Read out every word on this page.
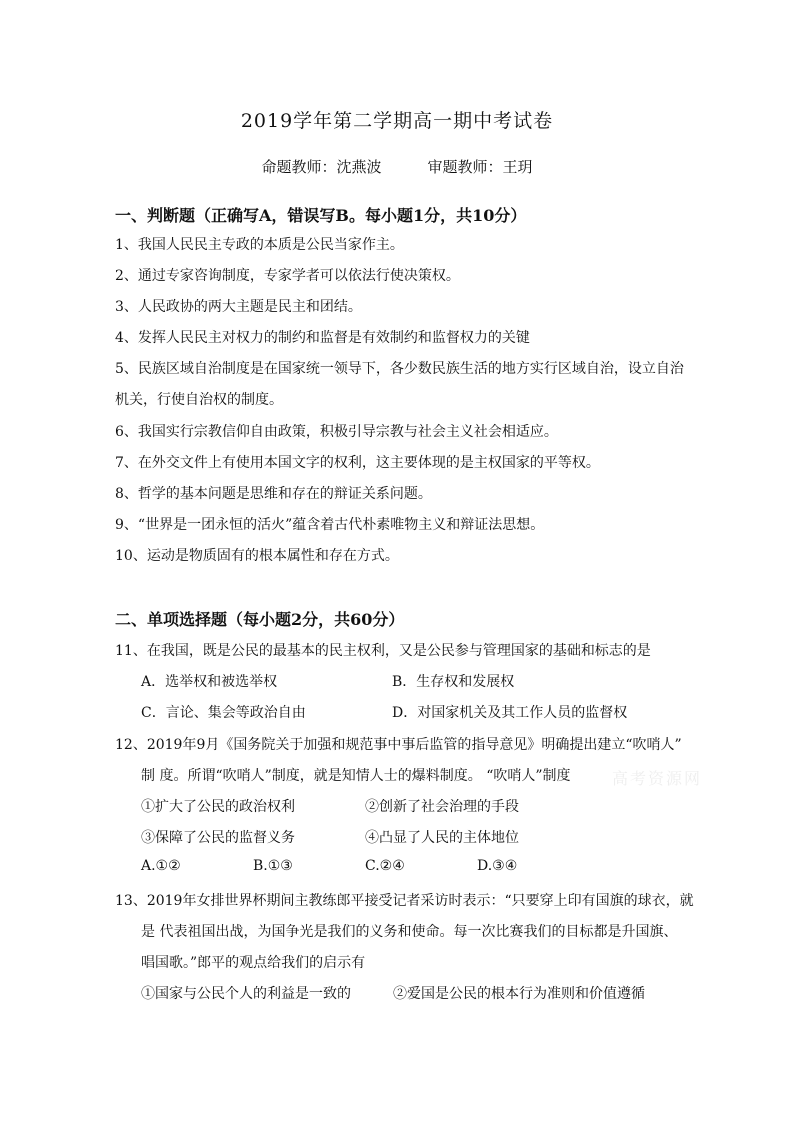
2019学年第二学期高一期中考试卷
命题教师：沈燕波	审题教师：王玥
一、判断题（正确写A，错误写B。每小题1分，共10分）
1、我国人民民主专政的本质是公民当家作主。
2、通过专家咨询制度，专家学者可以依法行使决策权。
3、人民政协的两大主题是民主和团结。
4、发挥人民民主对权力的制约和监督是有效制约和监督权力的关键
5、民族区域自治制度是在国家统一领导下，各少数民族生活的地方实行区域自治，设立自治
机关，行使自治权的制度。
6、我国实行宗教信仰自由政策，积极引导宗教与社会主义社会相适应。
7、在外交文件上有使用本国文字的权利，这主要体现的是主权国家的平等权。
8、哲学的基本问题是思维和存在的辩证关系问题。
9、“世界是一团永恒的活火”蕴含着古代朴素唯物主义和辩证法思想。
10、运动是物质固有的根本属性和存在方式。
二、单项选择题（每小题2分，共60分）
11、在我国，既是公民的最基本的民主权利，又是公民参与管理国家的基础和标志的是
A．选举权和被选举权	B．生存权和发展权
C．言论、集会等政治自由	D．对国家机关及其工作人员的监督权
12、2019年9月《国务院关于加强和规范事中事后监管的指导意见》明确提出建立“吹哨人”
制 度。所谓“吹哨人”制度，就是知情人士的爆料制度。 “吹哨人”制度
①扩大了公民的政治权利	②创新了社会治理的手段
③保障了公民的监督义务	④凸显了人民的主体地位
A.①②	B.①③	C.②④	D.③④
13、2019年女排世界杯期间主教练郎平接受记者采访时表示：“只要穿上印有国旗的球衣，就
是 代表祖国出战，为国争光是我们的义务和使命。每一次比赛我们的目标都是升国旗、
唱国歌。”郎平的观点给我们的启示有
①国家与公民个人的利益是一致的	②爱国是公民的根本行为准则和价值遵循
高考资源网
